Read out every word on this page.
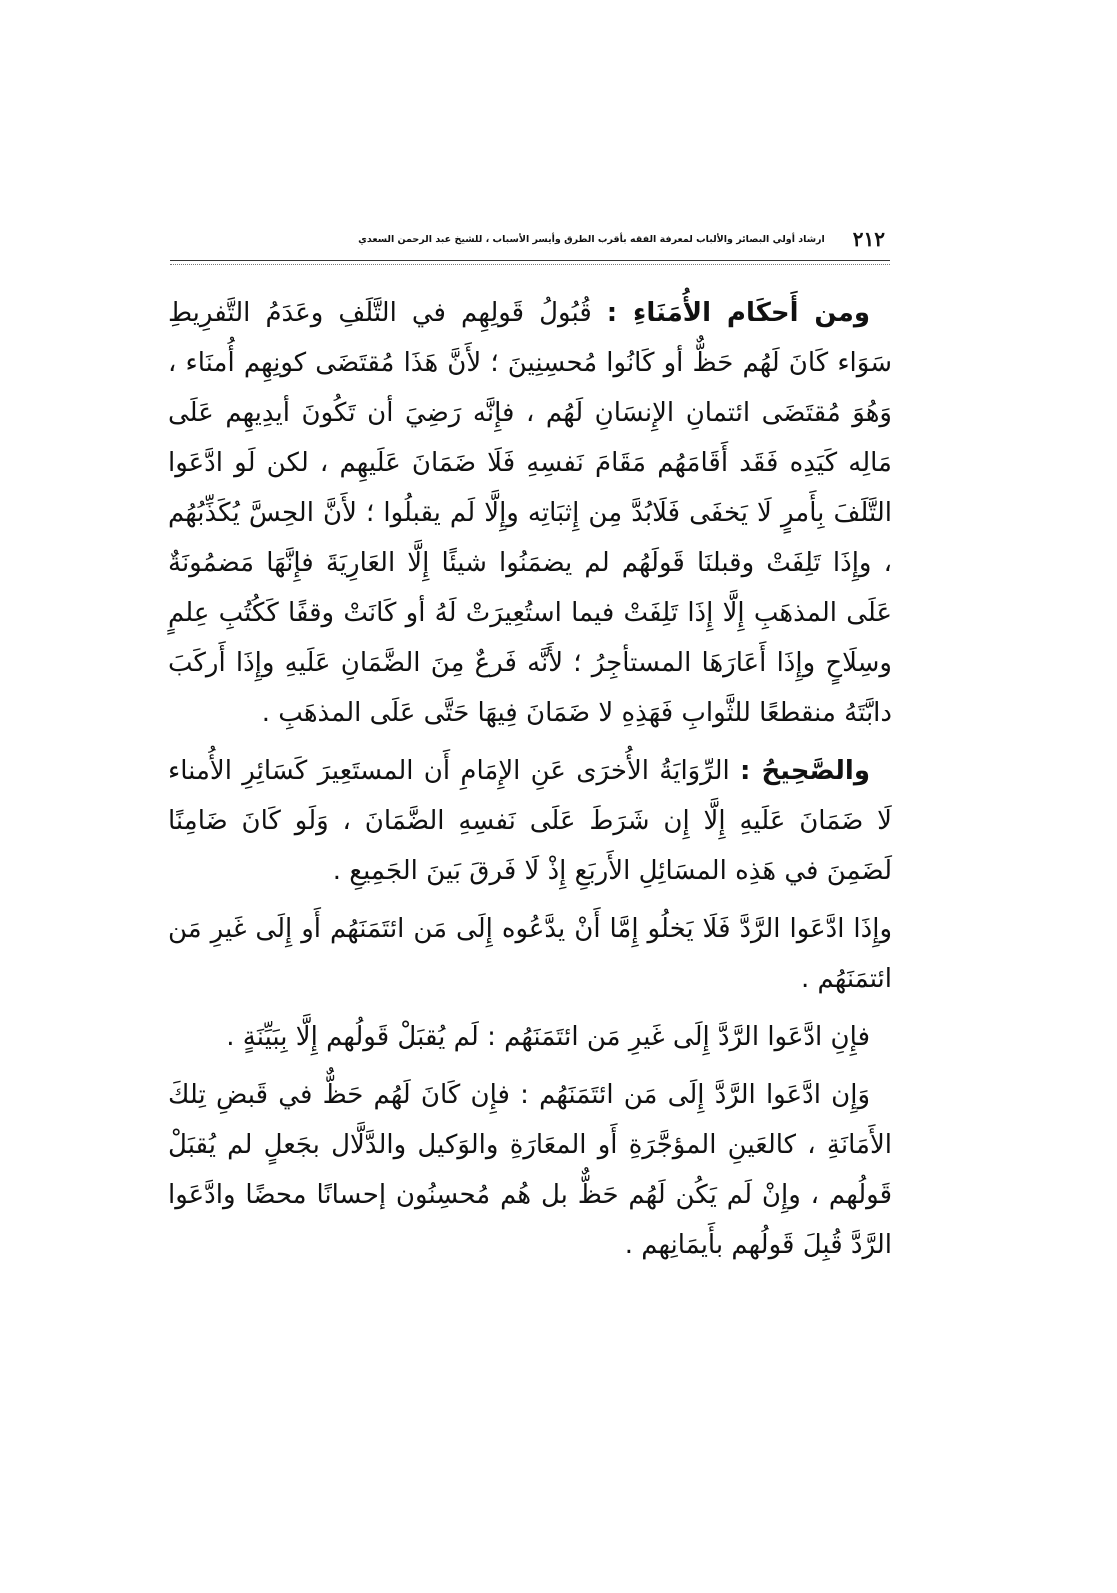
٢١٢
ارشاد أولي البصائر والألباب لمعرفة الفقه بأقرب الطرق وأيسر الأسباب ، للشيخ عبد الرحمن السعدي

ومن أَحكَام الأُمَنَاءِ : قُبُولُ قَولِهِم في التَّلَفِ وعَدَمُ التَّفرِيطِ سَوَاء كَانَ لَهُم حَظٌّ أو كَانُوا مُحسِنِينَ ؛ لأَنَّ هَذَا مُقتَضَى كونِهِم أُمنَاء ، وَهُوَ مُقتَضَى ائتمانِ الإِنسَانِ لَهُم ، فإِنَّه رَضِيَ أن تَكُونَ أيدِيهِم عَلَى مَالِه كَيَدِه فَقَد أَقَامَهُم مَقَامَ نَفسِهِ فَلَا ضَمَانَ عَلَيهِم ، لكن لَو ادَّعَوا التَّلَفَ بِأَمرٍ لَا يَخفَى فَلَابُدَّ مِن إِثبَاتِه وإِلَّا لَم يقبلُوا ؛ لأَنَّ الحِسَّ يُكَذِّبُهُم ، وإِذَا تَلِفَتْ وقبلنَا قَولَهُم لم يضمَنُوا شيئًا إِلَّا العَارِيَةَ فإِنَّهَا مَضمُونَةٌ عَلَى المذهَبِ إِلَّا إِذَا تَلِفَتْ فيما استُعِيرَتْ لَهُ أو كَانَتْ وقفًا كَكُتُبِ عِلمٍ وسِلَاحٍ وإِذَا أَعَارَهَا المستأجِرُ ؛ لأَنَّه فَرعٌ مِنَ الضَّمَانِ عَلَيهِ وإِذَا أَركَبَ دابَّتَهُ منقطعًا للثَّوابِ فَهَذِهِ لا ضَمَانَ فِيهَا حَتَّى عَلَى المذهَبِ .

والصَّحِيحُ : الرِّوَايَةُ الأُخرَى عَنِ الإِمَامِ أَن المستَعِيرَ كَسَائِرِ الأُمناء لَا ضَمَانَ عَلَيهِ إِلَّا إِن شَرَطَ عَلَى نَفسِهِ الضَّمَانَ ، وَلَو كَانَ ضَامِنًا لَضَمِنَ في هَذِه المسَائِلِ الأَربَعِ إِذْ لَا فَرقَ بَينَ الجَمِيعِ .

وإِذَا ادَّعَوا الرَّدَّ فَلَا يَخلُو إِمَّا أَنْ يدَّعُوه إِلَى مَن ائتَمَنَهُم أَو إِلَى غَيرِ مَن ائتمَنَهُم .

فإِنِ ادَّعَوا الرَّدَّ إِلَى غَيرِ مَن ائتَمَنَهُم : لَم يُقبَلْ قَولُهم إِلَّا بِبَيِّنَةٍ .

وَإِن ادَّعَوا الرَّدَّ إِلَى مَن ائتَمَنَهُم : فإِن كَانَ لَهُم حَظٌّ في قَبضِ تِلكَ الأَمَانَةِ ، كالعَينِ المؤجَّرَةِ أَو المعَارَةِ والوَكيل والدَّلَّال بجَعلٍ لم يُقبَلْ قَولُهم ، وإِنْ لَم يَكُن لَهُم حَظٌّ بل هُم مُحسِنُون إحسانًا محضًا وادَّعَوا الرَّدَّ قُبِلَ قَولُهم بأَيمَانِهم .
